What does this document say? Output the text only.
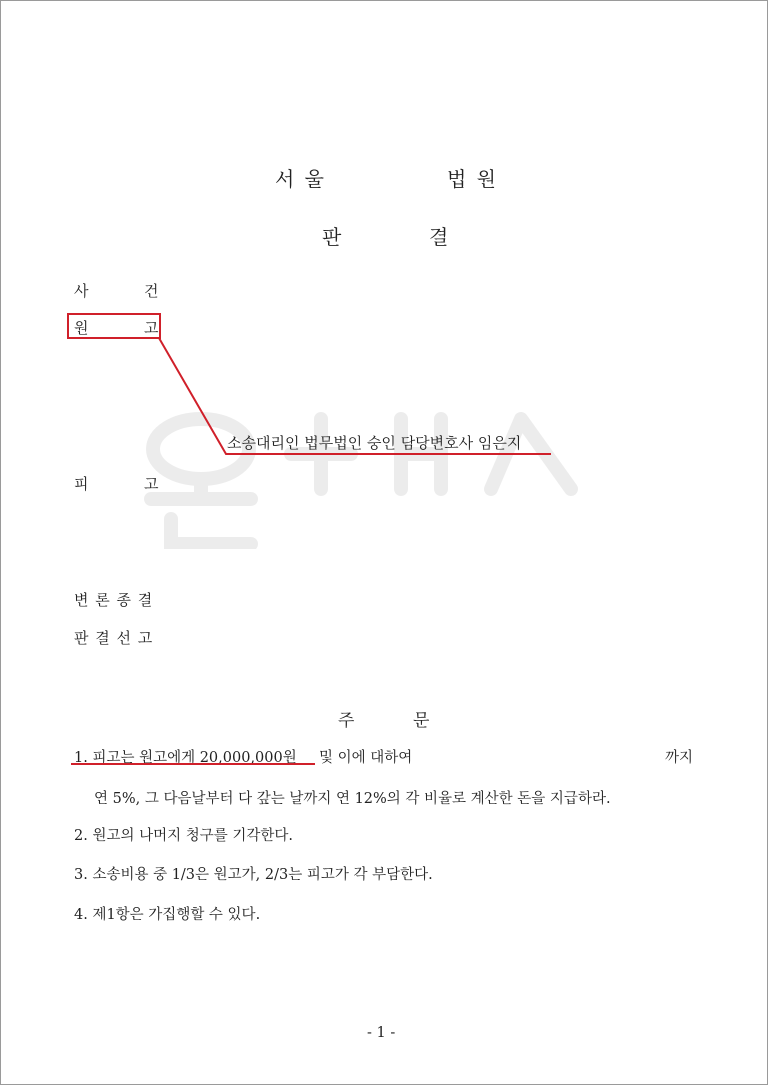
서 울	법 원
판	결
사	건
원	고
소송대리인 법무법인 숭인 담당변호사 임은지
피	고
변 론 종 결
판 결 선 고
주	문
1. 피고는 원고에게 20,000,000원 및 이에 대하여	까지
연 5%, 그 다음날부터 다 갚는 날까지 연 12%의 각 비율로 계산한 돈을 지급하라.
2. 원고의 나머지 청구를 기각한다.
3. 소송비용 중 1/3은 원고가, 2/3는 피고가 각 부담한다.
4. 제1항은 가집행할 수 있다.
- 1 -
